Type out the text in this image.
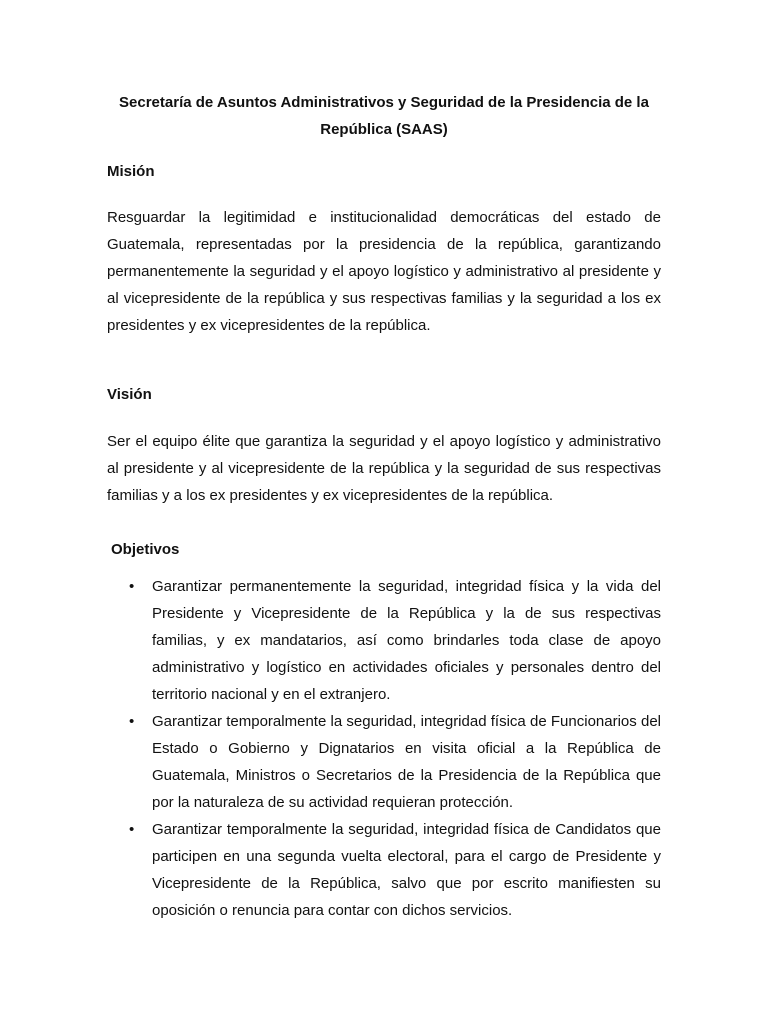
Secretaría de Asuntos Administrativos y Seguridad de la Presidencia de la República (SAAS)
Misión

Resguardar la legitimidad e institucionalidad democráticas del estado de Guatemala, representadas por la presidencia de la república, garantizando permanentemente la seguridad y el apoyo logístico y administrativo al presidente y al vicepresidente de la república y sus respectivas familias y la seguridad a los ex presidentes y ex vicepresidentes de la república.

Visión

Ser el equipo élite que garantiza la seguridad y el apoyo logístico y administrativo al presidente y al vicepresidente de la república y la seguridad de sus respectivas familias y a los ex presidentes y ex vicepresidentes de la república.

Objetivos
• Garantizar permanentemente la seguridad, integridad física y la vida del Presidente y Vicepresidente de la República y la de sus respectivas familias, y ex mandatarios, así como brindarles toda clase de apoyo administrativo y logístico en actividades oficiales y personales dentro del territorio nacional y en el extranjero.
• Garantizar temporalmente la seguridad, integridad física de Funcionarios del Estado o Gobierno y Dignatarios en visita oficial a la República de Guatemala, Ministros o Secretarios de la Presidencia de la República que por la naturaleza de su actividad requieran protección.
• Garantizar temporalmente la seguridad, integridad física de Candidatos que participen en una segunda vuelta electoral, para el cargo de Presidente y Vicepresidente de la República, salvo que por escrito manifiesten su oposición o renuncia para contar con dichos servicios.
